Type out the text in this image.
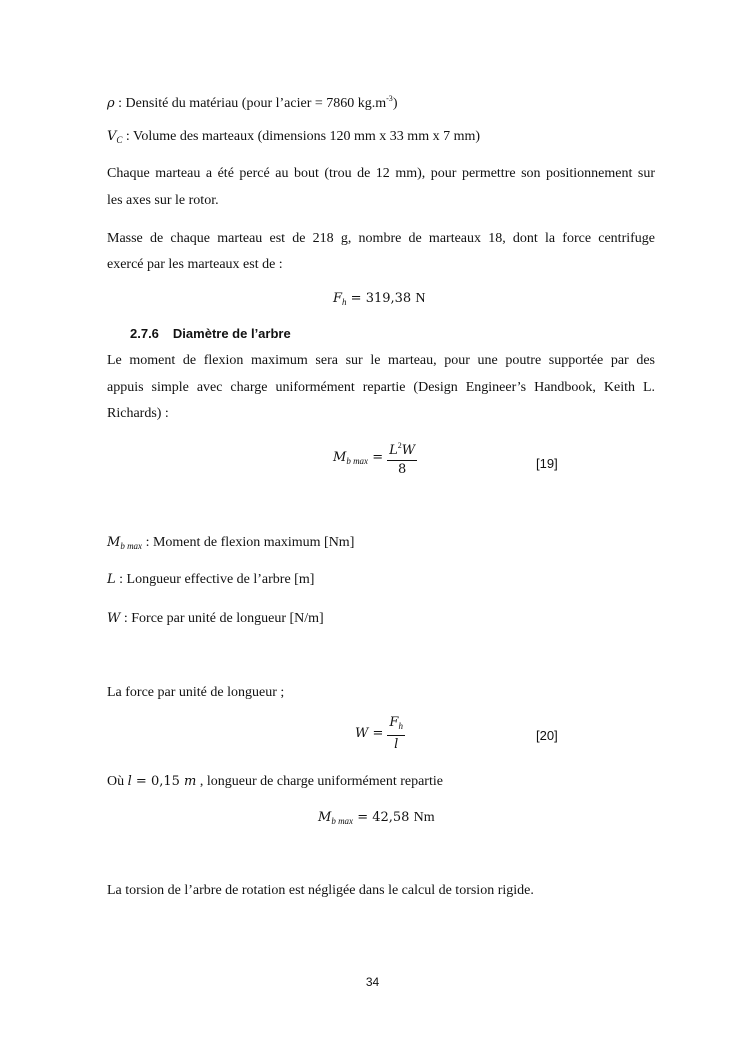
ρ : Densité du matériau (pour l’acier = 7860 $kg.m^{-3}$)
$V_C$ : Volume des marteaux (dimensions 120 mm x 33 mm x 7 mm)
Chaque marteau a été percé au bout (trou de 12 mm), pour permettre son positionnement sur
les axes sur le rotor.
Masse de chaque marteau est de 218 g, nombre de marteaux 18, dont la force centrifuge
exercé par les marteaux est de :
$F_h = 319,38$ N
2.7.6 Diamètre de l’arbre
Le moment de flexion maximum sera sur le marteau, pour une poutre supportée par des
appuis simple avec charge uniformément repartie (Design Engineer’s Handbook, Keith L.
Richards) :
$M_{b max} = \frac{L^2W}{8}$	[19]
$M_{b max}$ : Moment de flexion maximum [Nm]
L : Longueur effective de l’arbre [m]
W : Force par unité de longueur [N/m]
La force par unité de longueur ;
$W = \frac{F_h}{l}$	[20]
Où l = 0,15 m , longueur de charge uniformément repartie
$M_{b max} = 42,58$ Nm
La torsion de l’arbre de rotation est négligée dans le calcul de torsion rigide.
34
